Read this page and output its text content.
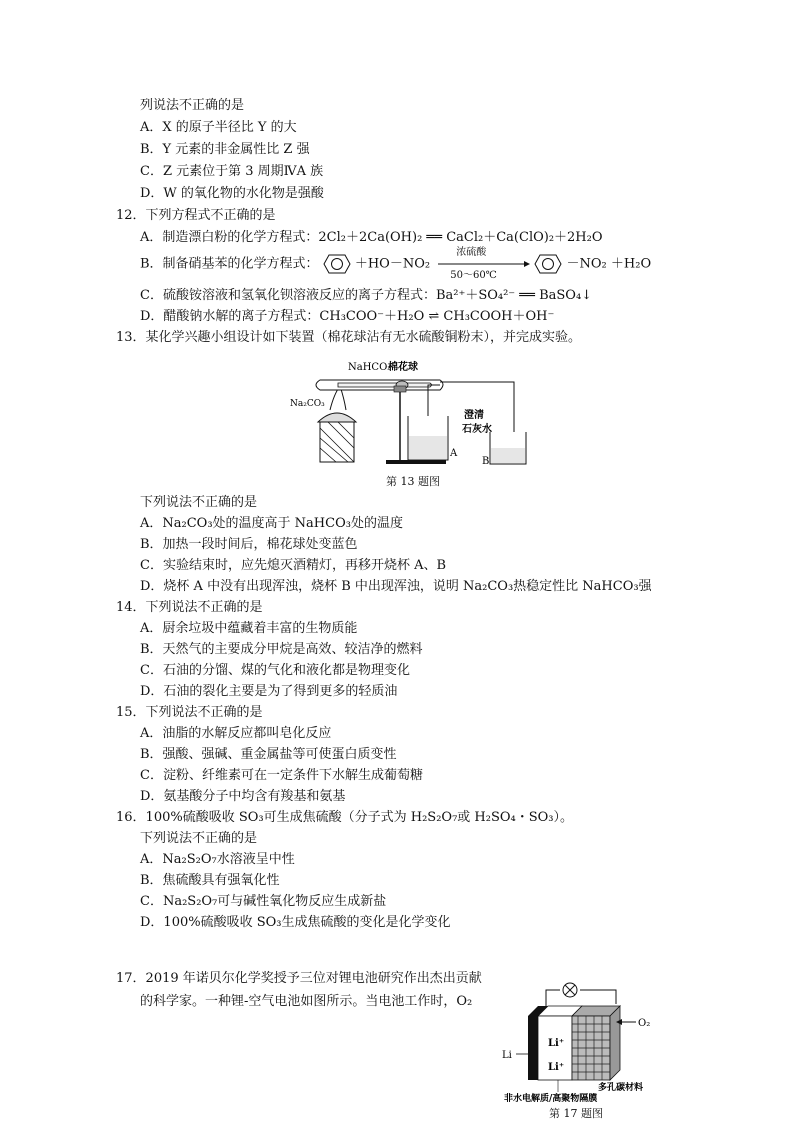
列说法不正确的是
A．X 的原子半径比 Y 的大
B．Y 元素的非金属性比 Z 强
C．Z 元素位于第 3 周期ⅣA 族
D．W 的氧化物的水化物是强酸
12．下列方程式不正确的是
A．制造漂白粉的化学方程式：2Cl₂＋2Ca(OH)₂ ══ CaCl₂＋Ca(ClO)₂＋2H₂O
B．制备硝基苯的化学方程式：	＋HO－NO₂
浓硫酸
50～60℃
－NO₂ ＋H₂O
C．硫酸铵溶液和氢氧化钡溶液反应的离子方程式：Ba²⁺＋SO₄²⁻ ══ BaSO₄↓
D．醋酸钠水解的离子方程式：CH₃COO⁻＋H₂O ⇌ CH₃COOH＋OH⁻
13．某化学兴趣小组设计如下装置（棉花球沾有无水硫酸铜粉末），并完成实验。
NaHCO₃
棉花球
Na₂CO₃
澄清
石灰水
A
B
第 13 题图
下列说法不正确的是
A．Na₂CO₃处的温度高于 NaHCO₃处的温度
B．加热一段时间后，棉花球处变蓝色
C．实验结束时，应先熄灭酒精灯，再移开烧杯 A、B
D．烧杯 A 中没有出现浑浊，烧杯 B 中出现浑浊，说明 Na₂CO₃热稳定性比 NaHCO₃强
14．下列说法不正确的是
A．厨余垃圾中蕴藏着丰富的生物质能
B．天然气的主要成分甲烷是高效、较洁净的燃料
C．石油的分馏、煤的气化和液化都是物理变化
D．石油的裂化主要是为了得到更多的轻质油
15．下列说法不正确的是
A．油脂的水解反应都叫皂化反应
B．强酸、强碱、重金属盐等可使蛋白质变性
C．淀粉、纤维素可在一定条件下水解生成葡萄糖
D．氨基酸分子中均含有羧基和氨基
16．100%硫酸吸收 SO₃可生成焦硫酸（分子式为 H₂S₂O₇或 H₂SO₄・SO₃）。
下列说法不正确的是
A．Na₂S₂O₇水溶液呈中性
B．焦硫酸具有强氧化性
C．Na₂S₂O₇可与碱性氧化物反应生成新盐
D．100%硫酸吸收 SO₃生成焦硫酸的变化是化学变化
17．2019 年诺贝尔化学奖授予三位对锂电池研究作出杰出贡献
的科学家。一种锂-空气电池如图所示。当电池工作时，O₂
O₂
Li
Li⁺
Li⁺
多孔碳材料
非水电解质/高聚物隔膜
第 17 题图
